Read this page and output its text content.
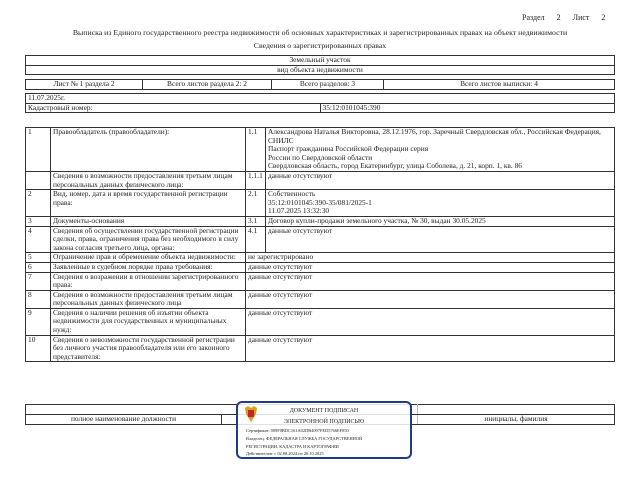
Раздел 2 Лист 2
Выписка из Единого государственного реестра недвижимости об основных характеристиках и зарегистрированных правах на объект недвижимости
Сведения о зарегистрированных правах
Земельный участок
вид объекта недвижимости
Лист № 1 раздела 2	Всего листов раздела 2: 2	Всего разделов: 3	Всего листов выписки: 4
11.07.2025г.
Кадастровый номер:	35:12:0101045:390
1	Правообладатель (правообладатели):	1.1	Александрова Наталья Викторовна, 28.12.1976, гор. Заречный Свердловская обл., Российская Федерация, СНИЛС
Паспорт гражданина Российской Федерации серия
России по Свердловской области
Свердловская область, город Екатеринбург, улица Соболева, д. 21, корп. 1, кв. 86

	Сведения о возможности предоставления третьим лицам персональных данных физического лица:	1.1.1	данные отсутствуют

2	Вид, номер, дата и время государственной регистрации права:	2.1	Собственность
35:12:0101045:390-35/081/2025-1
11.07.2025 13:32:30

3	Документы-основания	3.1	Договор купли-продажи земельного участка, № 30, выдан 30.05.2025

4	Сведения об осуществлении государственной регистрации сделки, права, ограничения права без необходимого в силу закона согласия третьего лица, органа:	4.1	данные отсутствуют

5	Ограничение прав и обременение объекта недвижимости:	не зарегистрировано	
6	Заявленные в судебном порядке права требования:	данные отсутствуют	
7	Сведения о возражении в отношении зарегистрированного права:	данные отсутствуют	
8	Сведения о возможности предоставления третьим лицам персональных данных физического лица	данные отсутствуют	
9	Сведения о наличии решения об изъятии объекта недвижимости для государственных и муниципальных нужд:	данные отсутствуют	
10	Сведения о невозможности государственной регистрации без личного участия правообладателя или его законного представителя:	данные отсутствуют	

полное наименование должности		инициалы, фамилия
ДОКУМЕНТ ПОДПИСАН
ЭЛЕКТРОННОЙ ПОДПИСЬЮ
Сертификат: 009F0BDC161A02DB4097FED5766EF850
Владелец: ФЕДЕРАЛЬНАЯ СЛУЖБА ГОСУДАРСТВЕННОЙ
РЕГИСТРАЦИИ, КАДАСТРА И КАРТОГРАФИИ
Действителен: с 02.08.2024 по 26.10.2025
